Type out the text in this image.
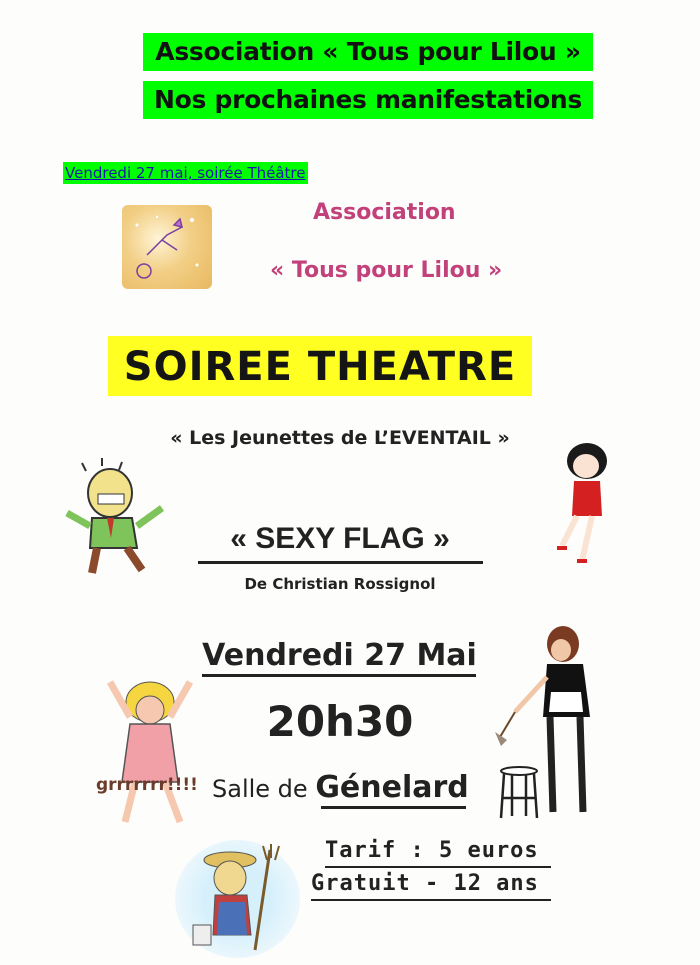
Association « Tous pour Lilou »
Nos prochaines manifestations
Vendredi 27 mai, soirée Théâtre
Association
« Tous pour Lilou »
SOIREE THEATRE
« Les Jeunettes de L’EVENTAIL »
« SEXY FLAG »
De Christian Rossignol
grrrrrrr!!!!
Vendredi 27 Mai
20h30
Salle de Génelard
Tarif : 5 euros
Gratuit - 12 ans
